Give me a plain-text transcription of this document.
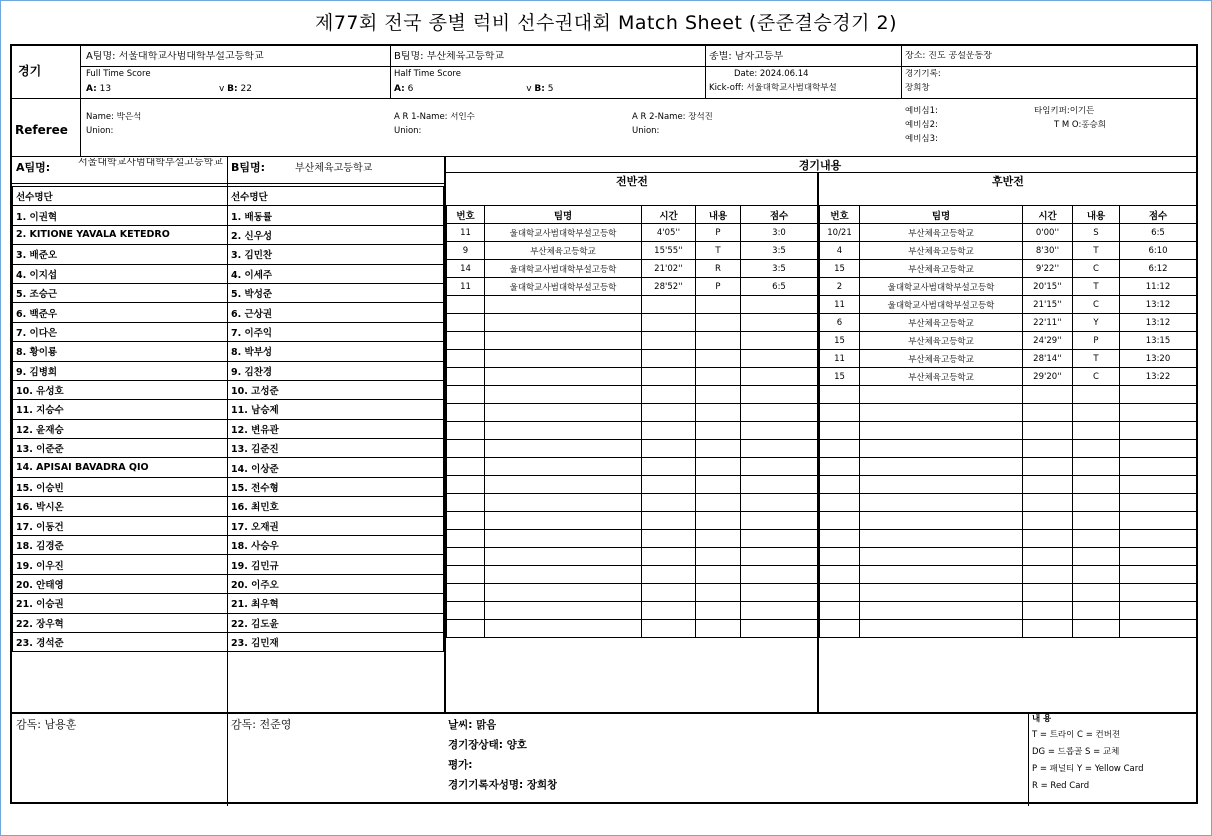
제77회 전국 종별 럭비 선수권대회 Match Sheet (준준결승경기 2)
경기
A팀명: 서울대학교사범대학부설고등학교	B팀명: 부산체육고등학교	종별: 남자고등부	장소: 진도 공설운동장
Full Time Score
A: 13	v B: 22
Half Time Score
A: 6	v B: 5
Date: 2024.06.14
Kick-off: 서울대학교사범대학부설
경기기록:
장희창
Referee
Name: 박은석
Union:
A R 1-Name: 서인수
Union:
A R 2-Name: 장석진
Union:
예비심1:
예비심2:
예비심3:
타임키퍼:이기든
T M O:홍승희
A팀명:	서울대학교사범대학부설고등학교 B팀명:	부산체육고등학교
선수명단
1. 이권혁
2. KITIONE YAVALA KETEDRO
3. 배준오
4. 이지섭
5. 조승근
6. 백준우
7. 이다은
8. 황이룡
9. 김병희
10. 유성호
11. 지승수
12. 윤재승
13. 이준준
14. APISAI BAVADRA QIO
15. 이승빈
16. 박시온
17. 이동건
18. 김경준
19. 이우진
20. 안태영
21. 이승권
22. 장우혁
23. 경석준
선수명단
1. 배동률
2. 신우성
3. 김민찬
4. 이세주
5. 박성준
6. 근상권
7. 이주익
8. 박부성
9. 김찬경
10. 고성준
11. 남승제
12. 변유관
13. 김준진
14. 이상준
15. 전수형
16. 최민호
17. 오재권
18. 사승우
19. 김민규
20. 이주오
21. 최우혁
22. 김도윤
23. 김민재
경기내용
전반전	후반전
번호	팀명	시간	내용	점수
11	울대학교사범대학부설고등학	4'05''	P	3:0
9	부산체육고등학교	15'55''	T	3:5
14	울대학교사범대학부설고등학	21'02''	R	3:5
11	울대학교사범대학부설고등학	28'52''	P	6:5

번호	팀명	시간	내용	점수
10/21	부산체육고등학교	0'00''	S	6:5
4	부산체육고등학교	8'30''	T	6:10
15	부산체육고등학교	9'22''	C	6:12
2	울대학교사범대학부설고등학	20'15''	T	11:12
11	울대학교사범대학부설고등학	21'15''	C	13:12
6	부산체육고등학교	22'11''	Y	13:12
15	부산체육고등학교	24'29''	P	13:15
11	부산체육고등학교	28'14''	T	13:20
15	부산체육고등학교	29'20''	C	13:22

감독: 남용훈	감독: 전준영	날씨: 맑음
경기장상태: 양호
평가:
경기기록자성명: 장희창
내 용
T = 트라이 C = 컨버젼
DG = 드롭골 S = 교체
P = 패널티 Y = Yellow Card
R = Red Card
